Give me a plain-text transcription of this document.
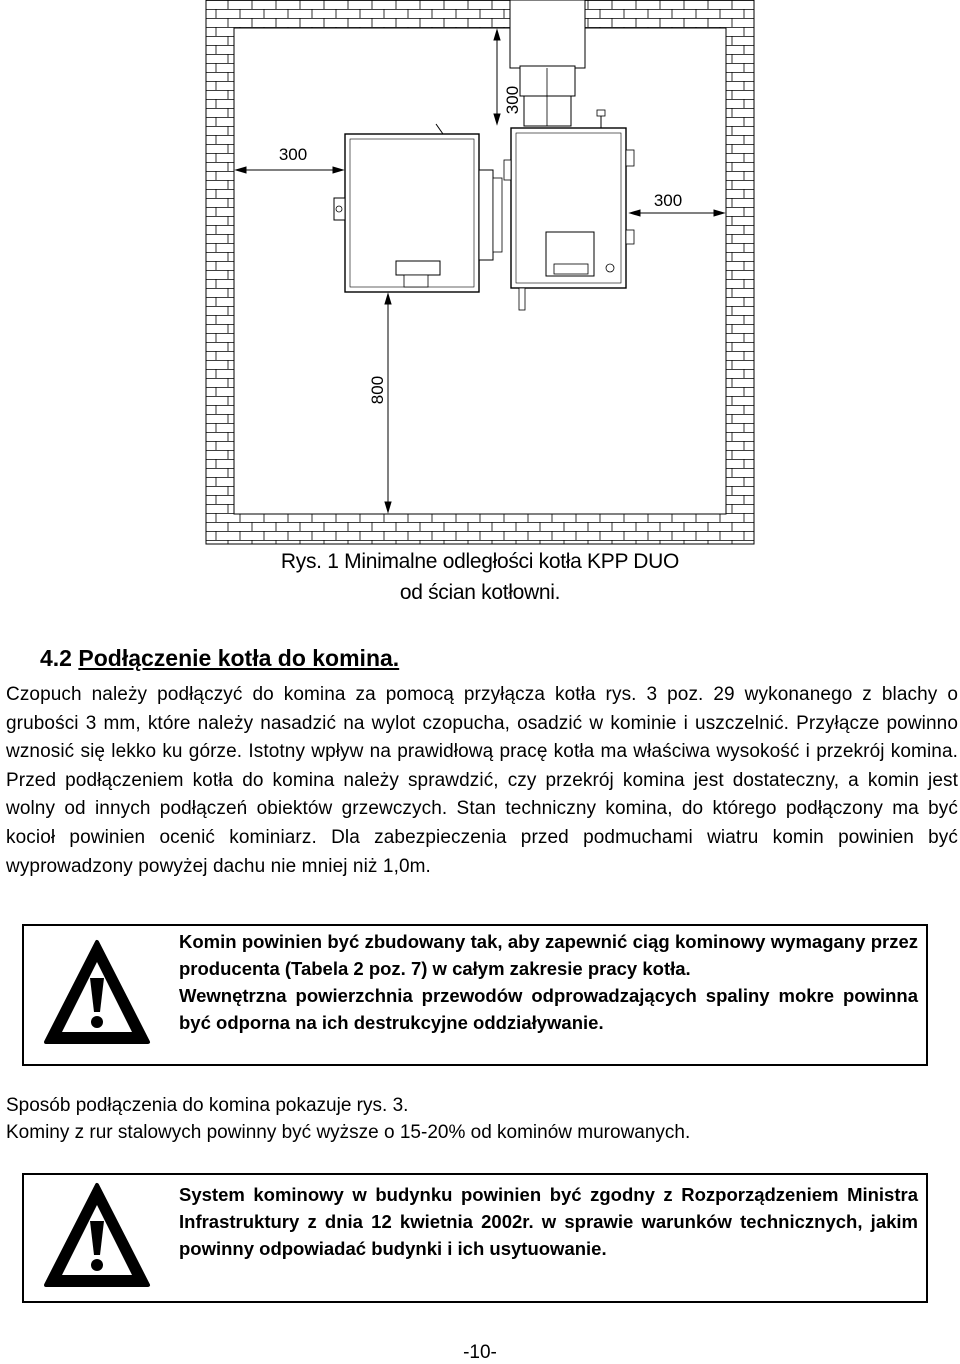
300
300
300
800
Rys. 1 Minimalne odległości kotła KPP DUO
od ścian kotłowni.
4.2 Podłączenie kotła do komina.

Czopuch należy podłączyć do komina za pomocą przyłącza kotła rys. 3 poz. 29 wykonanego z blachy o grubości 3 mm, które należy nasadzić na wylot czopucha, osadzić w kominie i uszczelnić. Przyłącze powinno wznosić się lekko ku górze. Istotny wpływ na prawidłową pracę kotła ma właściwa wysokość i przekrój komina. Przed podłączeniem kotła do komina należy sprawdzić, czy przekrój komina jest dostateczny, a komin jest wolny od innych podłączeń obiektów grzewczych. Stan techniczny komina, do którego podłączony ma być kocioł powinien ocenić kominiarz. Dla zabezpieczenia przed podmuchami wiatru komin powinien być wyprowadzony powyżej dachu nie mniej niż 1,0m.

Komin powinien być zbudowany tak, aby zapewnić ciąg kominowy wymagany przez producenta (Tabela 2 poz. 7) w całym zakresie pracy kotła.

Wewnętrzna powierzchnia przewodów odprowadzających spaliny mokre powinna być odporna na ich destrukcyjne oddziaływanie.

Sposób podłączenia do komina pokazuje rys. 3.

Kominy z rur stalowych powinny być wyższe o 15-20% od kominów murowanych.

System kominowy w budynku powinien być zgodny z Rozporządzeniem Ministra Infrastruktury z dnia 12 kwietnia 2002r. w sprawie warunków technicznych, jakim powinny odpowiadać budynki i ich usytuowanie.

-10-
